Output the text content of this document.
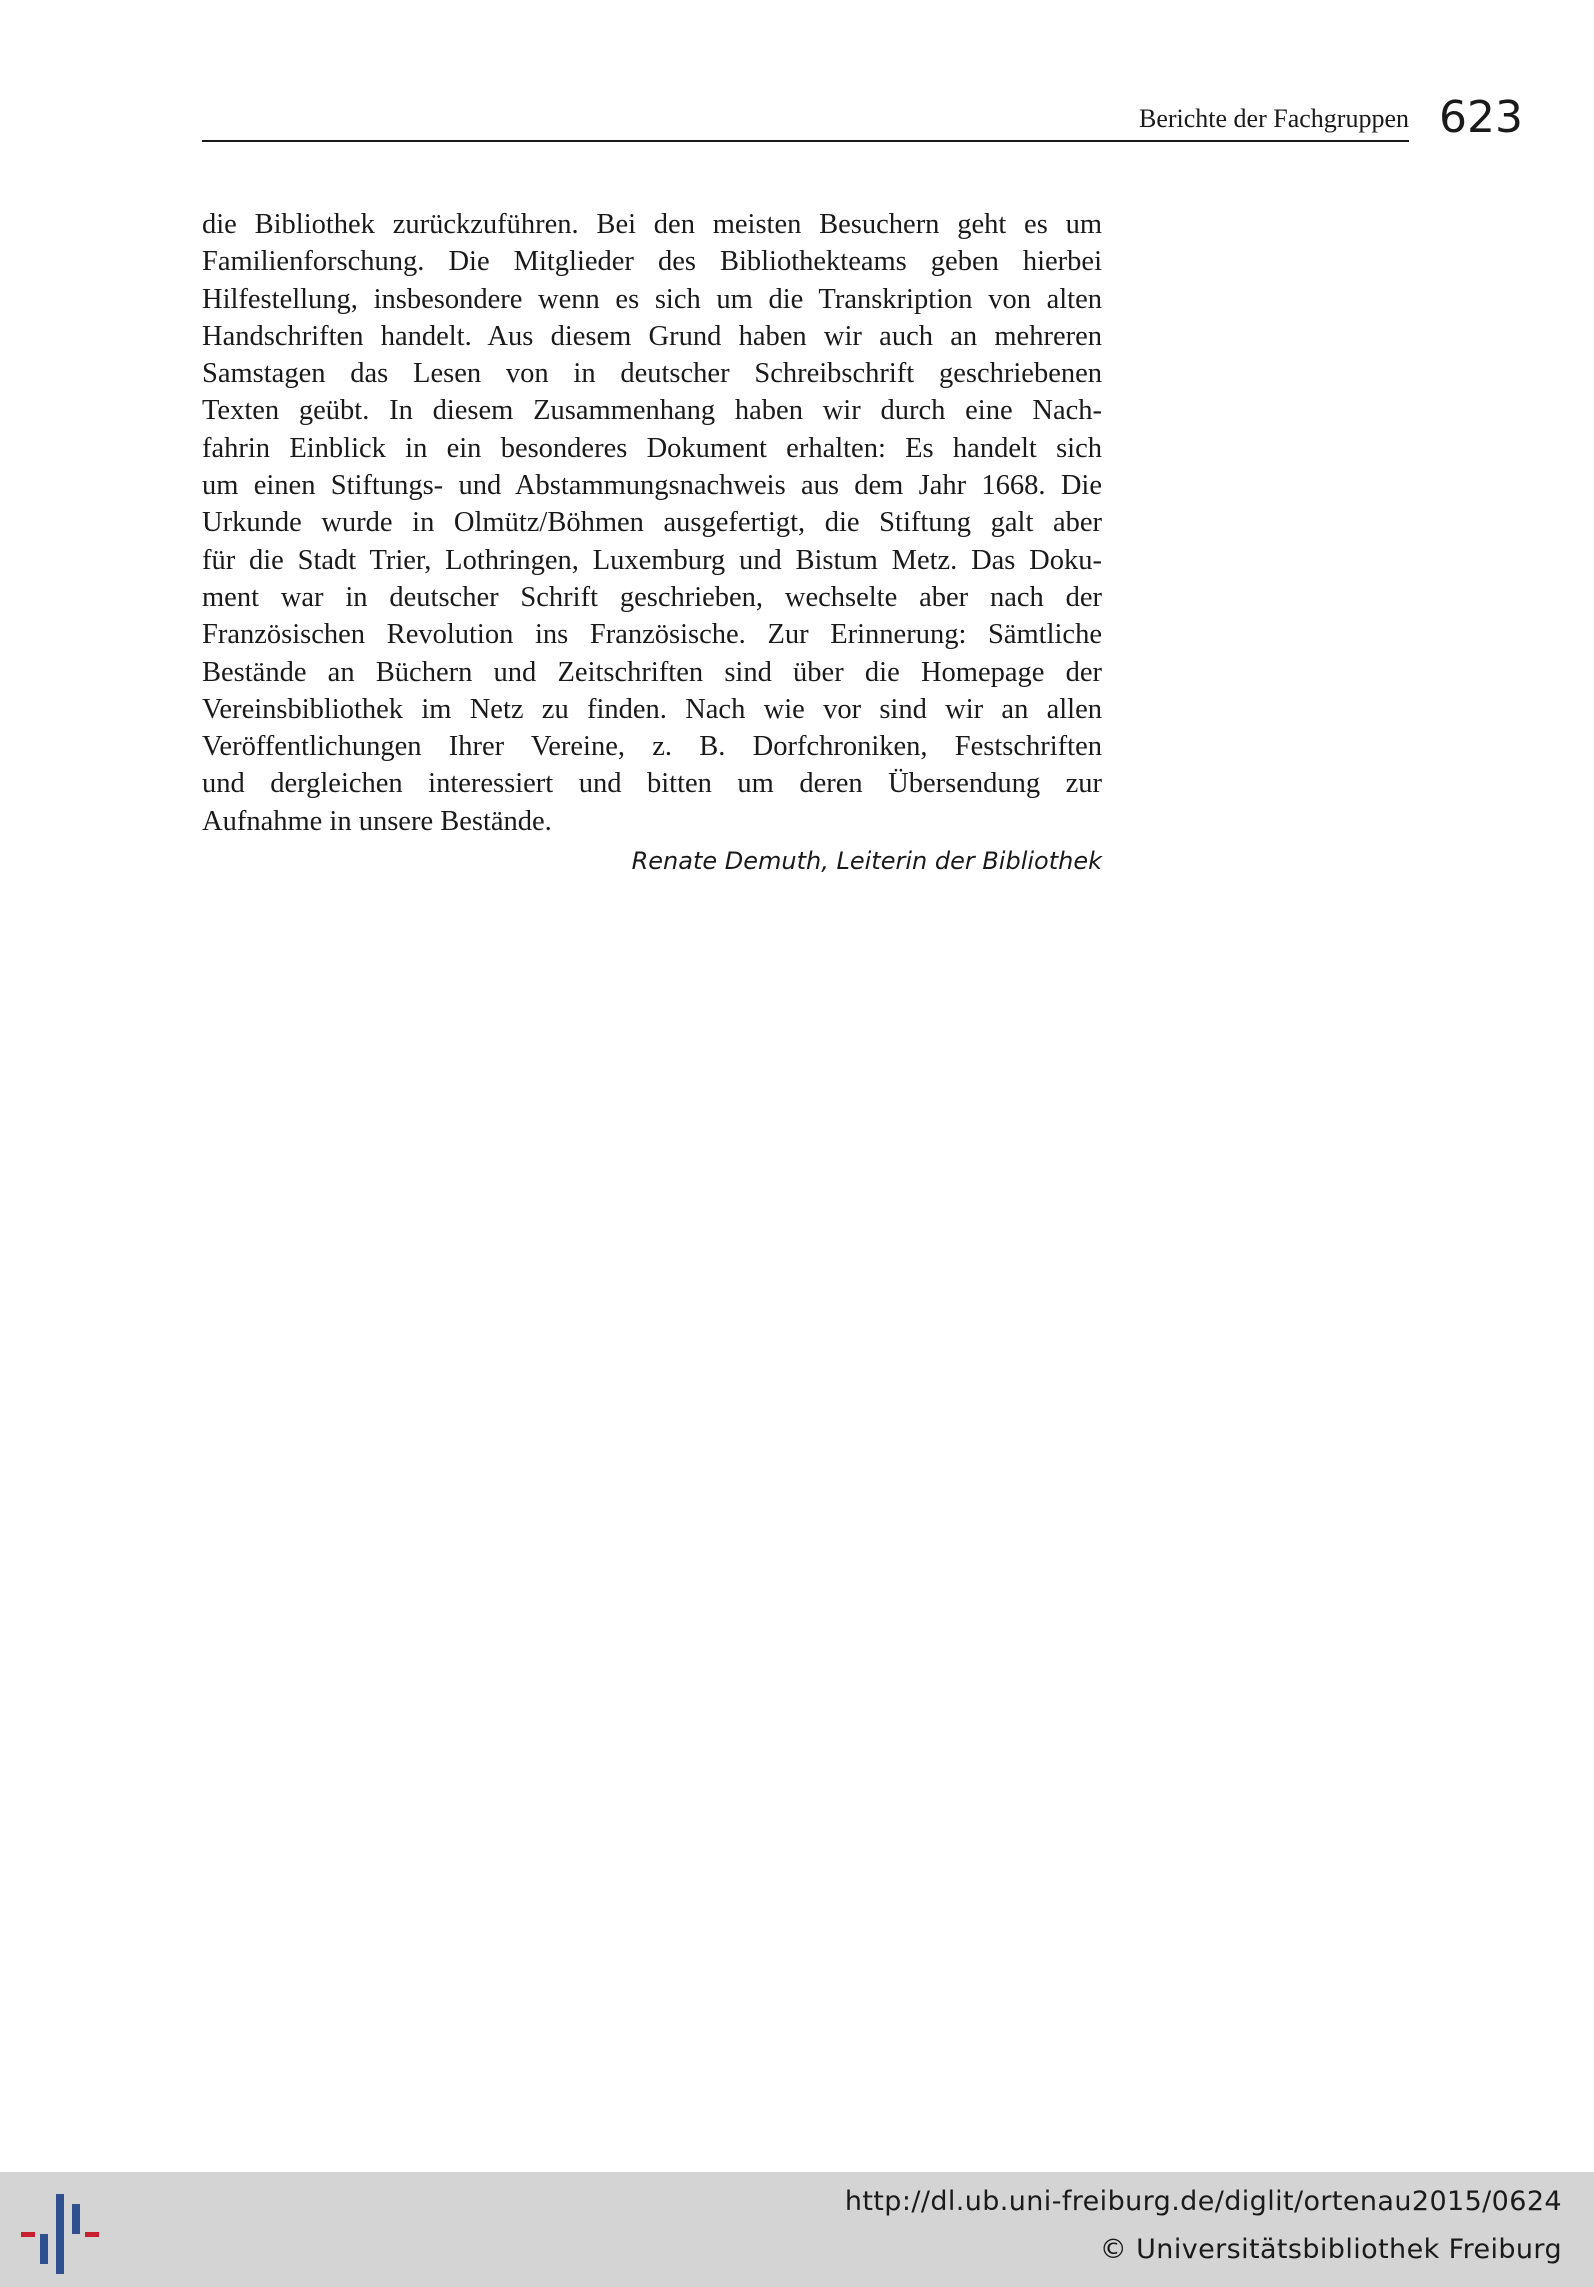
Berichte der Fachgruppen 623
die Bibliothek zurückzuführen. Bei den meisten Besuchern geht es um
Familienforschung. Die Mitglieder des Bibliothekteams geben hierbei
Hilfestellung, insbesondere wenn es sich um die Transkription von alten
Handschriften handelt. Aus diesem Grund haben wir auch an mehreren
Samstagen das Lesen von in deutscher Schreibschrift geschriebenen
Texten geübt. In diesem Zusammenhang haben wir durch eine Nach-
fahrin Einblick in ein besonderes Dokument erhalten: Es handelt sich
um einen Stiftungs- und Abstammungsnachweis aus dem Jahr 1668. Die
Urkunde wurde in Olmütz/Böhmen ausgefertigt, die Stiftung galt aber
für die Stadt Trier, Lothringen, Luxemburg und Bistum Metz. Das Doku-
ment war in deutscher Schrift geschrieben, wechselte aber nach der
Französischen Revolution ins Französische. Zur Erinnerung: Sämtliche
Bestände an Büchern und Zeitschriften sind über die Homepage der
Vereinsbibliothek im Netz zu finden. Nach wie vor sind wir an allen
Veröffentlichungen Ihrer Vereine, z. B. Dorfchroniken, Festschriften
und dergleichen interessiert und bitten um deren Übersendung zur
Aufnahme in unsere Bestände.
Renate Demuth, Leiterin der Bibliothek
http://dl.ub.uni-freiburg.de/diglit/ortenau2015/0624
© Universitätsbibliothek Freiburg
